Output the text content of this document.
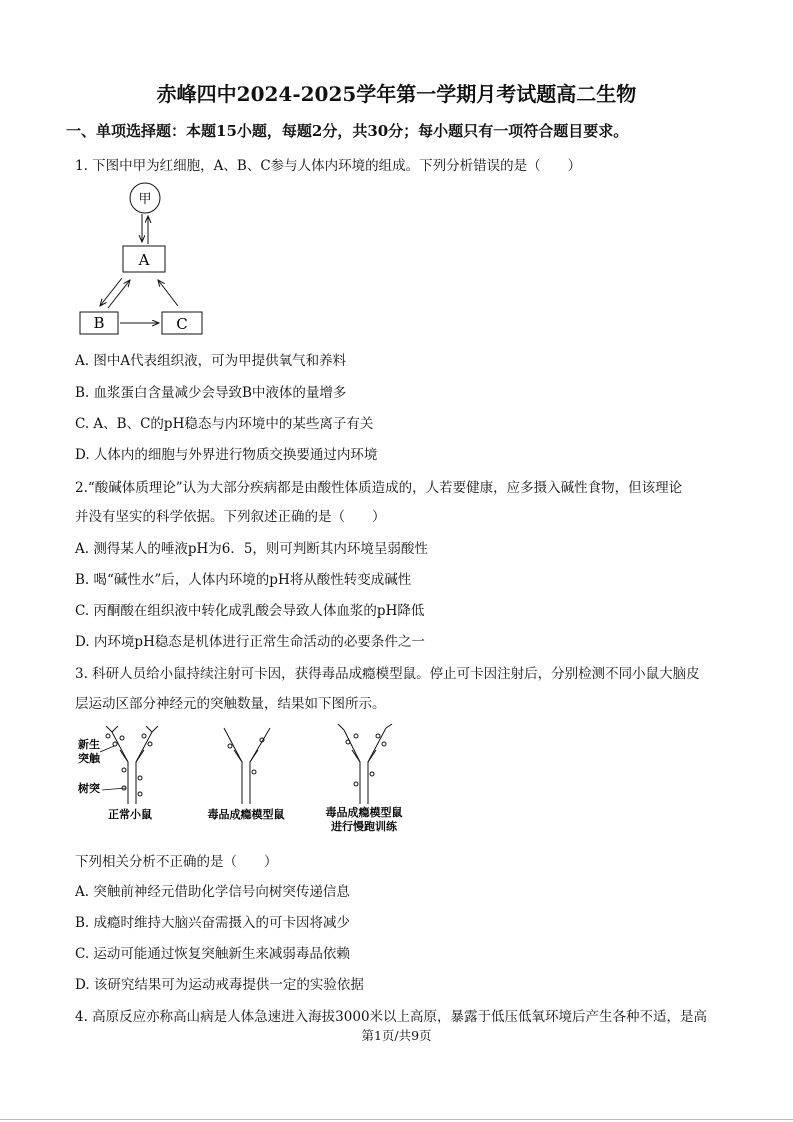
赤峰四中2024-2025学年第一学期月考试题高二生物
一、单项选择题：本题15小题，每题2分，共30分；每小题只有一项符合题目要求。
1. 下图中甲为红细胞，A、B、C参与人体内环境的组成。下列分析错误的是（　　）
甲
A
B	C
A. 图中A代表组织液，可为甲提供氧气和养料
B. 血浆蛋白含量减少会导致B中液体的量增多
C. A、B、C的pH稳态与内环境中的某些离子有关
D. 人体内的细胞与外界进行物质交换要通过内环境
2.“酸碱体质理论”认为大部分疾病都是由酸性体质造成的，人若要健康，应多摄入碱性食物，但该理论
并没有坚实的科学依据。下列叙述正确的是（　　）
A. 测得某人的唾液pH为6．5，则可判断其内环境呈弱酸性
B. 喝“碱性水”后，人体内环境的pH将从酸性转变成碱性
C. 丙酮酸在组织液中转化成乳酸会导致人体血浆的pH降低
D. 内环境pH稳态是机体进行正常生命活动的必要条件之一
3. 科研人员给小鼠持续注射可卡因，获得毒品成瘾模型鼠。停止可卡因注射后，分别检测不同小鼠大脑皮
层运动区部分神经元的突触数量，结果如下图所示。
新生
突触
树突
正常小鼠	毒品成瘾模型鼠	毒品成瘾模型鼠
进行慢跑训练
下列相关分析不正确的是（　　）
A. 突触前神经元借助化学信号向树突传递信息
B. 成瘾时维持大脑兴奋需摄入的可卡因将减少
C. 运动可能通过恢复突触新生来减弱毒品依赖
D. 该研究结果可为运动戒毒提供一定的实验依据
4. 高原反应亦称高山病是人体急速进入海拔3000米以上高原，暴露于低压低氧环境后产生各种不适，是高
第1页/共9页
